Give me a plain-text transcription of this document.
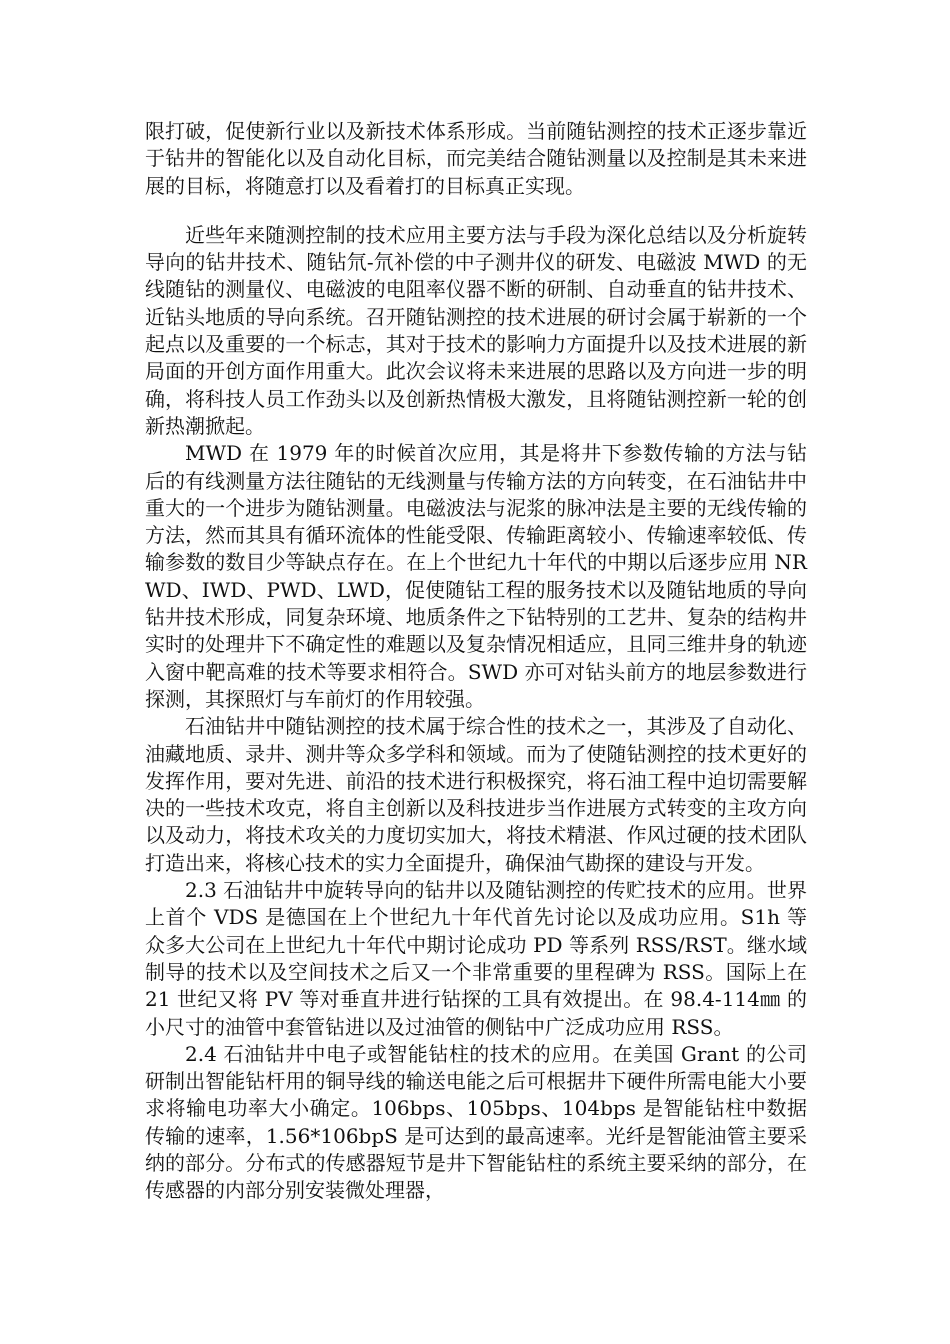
限打破，促使新行业以及新技术体系形成。当前随钻测控的技术正逐步靠近于钻井的智能化以及自动化目标，而完美结合随钻测量以及控制是其未来进展的目标，将随意打以及看着打的目标真正实现。

近些年来随测控制的技术应用主要方法与手段为深化总结以及分析旋转导向的钻井技术、随钻氘-氘补偿的中子测井仪的研发、电磁波 MWD 的无线随钻的测量仪、电磁波的电阻率仪器不断的研制、自动垂直的钻井技术、近钻头地质的导向系统。召开随钻测控的技术进展的研讨会属于崭新的一个起点以及重要的一个标志，其对于技术的影响力方面提升以及技术进展的新局面的开创方面作用重大。此次会议将未来进展的思路以及方向进一步的明确，将科技人员工作劲头以及创新热情极大激发，且将随钻测控新一轮的创新热潮掀起。

MWD 在 1979 年的时候首次应用，其是将井下参数传输的方法与钻后的有线测量方法往随钻的无线测量与传输方法的方向转变，在石油钻井中重大的一个进步为随钻测量。电磁波法与泥浆的脉冲法是主要的无线传输的方法，然而其具有循环流体的性能受限、传输距离较小、传输速率较低、传输参数的数目少等缺点存在。在上个世纪九十年代的中期以后逐步应用 NRWD、IWD、PWD、LWD，促使随钻工程的服务技术以及随钻地质的导向钻井技术形成，同复杂环境、地质条件之下钻特别的工艺井、复杂的结构井实时的处理井下不确定性的难题以及复杂情况相适应，且同三维井身的轨迹入窗中靶高难的技术等要求相符合。SWD 亦可对钻头前方的地层参数进行探测，其探照灯与车前灯的作用较强。

石油钻井中随钻测控的技术属于综合性的技术之一，其涉及了自动化、油藏地质、录井、测井等众多学科和领域。而为了使随钻测控的技术更好的发挥作用，要对先进、前沿的技术进行积极探究，将石油工程中迫切需要解决的一些技术攻克，将自主创新以及科技进步当作进展方式转变的主攻方向以及动力，将技术攻关的力度切实加大，将技术精湛、作风过硬的技术团队打造出来，将核心技术的实力全面提升，确保油气勘探的建设与开发。

2.3 石油钻井中旋转导向的钻井以及随钻测控的传贮技术的应用。世界上首个 VDS 是德国在上个世纪九十年代首先讨论以及成功应用。S1h 等众多大公司在上世纪九十年代中期讨论成功 PD 等系列 RSS/RST。继水域制导的技术以及空间技术之后又一个非常重要的里程碑为 RSS。国际上在 21 世纪又将 PV 等对垂直井进行钻探的工具有效提出。在 98.4-114㎜ 的小尺寸的油管中套管钻进以及过油管的侧钻中广泛成功应用 RSS。

2.4 石油钻井中电子或智能钻柱的技术的应用。在美国 Grant 的公司研制出智能钻杆用的铜导线的输送电能之后可根据井下硬件所需电能大小要求将输电功率大小确定。106bps、105bps、104bps 是智能钻柱中数据传输的速率，1.56*106bpS 是可达到的最高速率。光纤是智能油管主要采纳的部分。分布式的传感器短节是井下智能钻柱的系统主要采纳的部分，在传感器的内部分别安装微处理器，
